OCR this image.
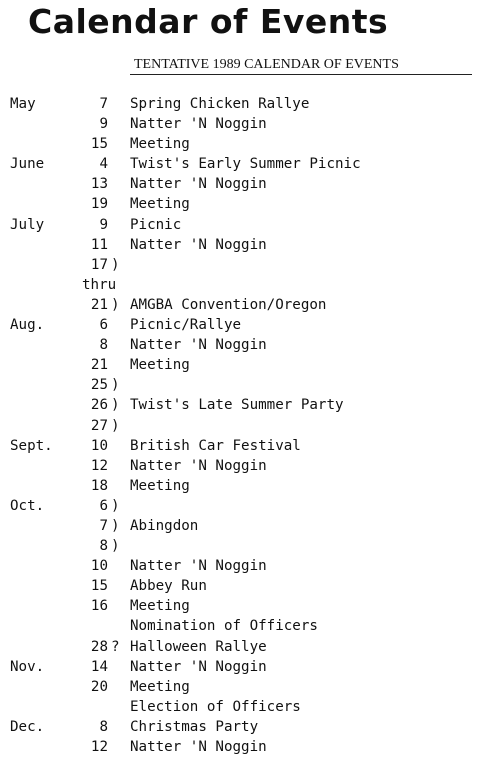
Calendar of Events
TENTATIVE 1989 CALENDAR OF EVENTS
May	7 Spring Chicken Rallye
9 Natter 'N Noggin
15 Meeting
June	4 Twist's Early Summer Picnic
13 Natter 'N Noggin
19 Meeting
July	9 Picnic
11 Natter 'N Noggin
17 )
thru
21 ) AMGBA Convention/Oregon
Aug.	6 Picnic/Rallye
8 Natter 'N Noggin
21 Meeting
25 )
26 ) Twist's Late Summer Party
27 )
Sept.	10 British Car Festival
12 Natter 'N Noggin
18 Meeting
Oct.	6 )
7 ) Abingdon
8 )
10 Natter 'N Noggin
15 Abbey Run
16 Meeting
Nomination of Officers
28 ? Halloween Rallye
Nov.	14 Natter 'N Noggin
20 Meeting
Election of Officers
Dec.	8 Christmas Party
12 Natter 'N Noggin
